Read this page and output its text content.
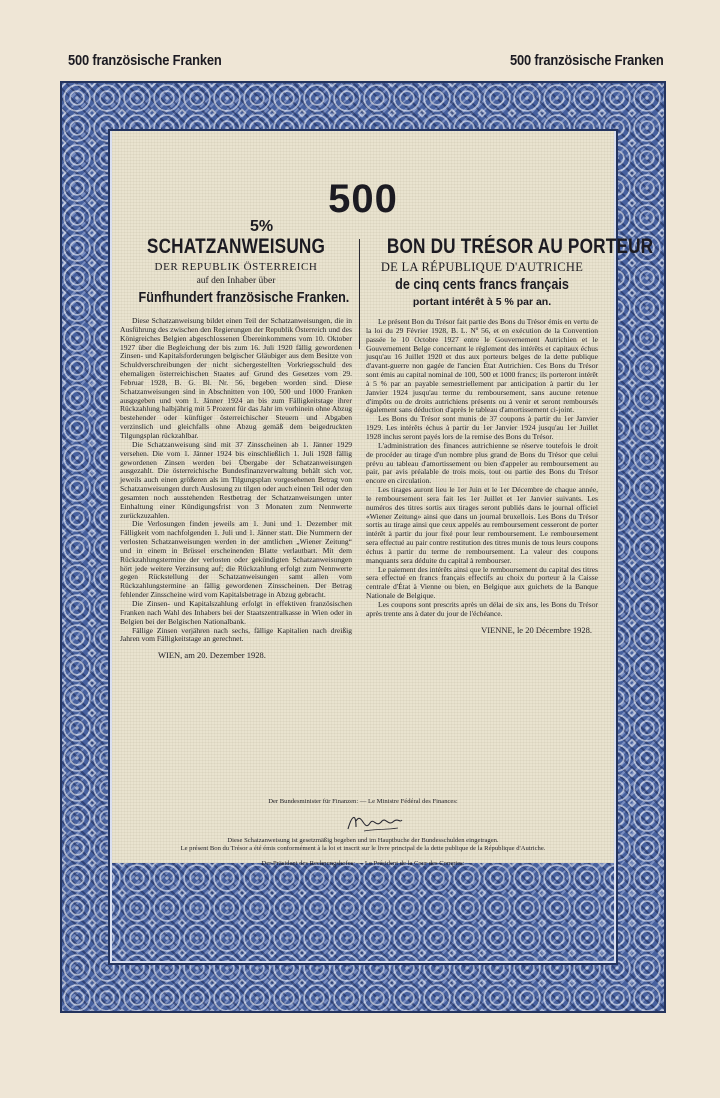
500 französische Franken	500 französische Franken
500
5%
SCHATZANWEISUNG
DER REPUBLIK ÖSTERREICH
auf den Inhaber über
Fünfhundert französische Franken.

Diese Schatzanweisung bildet einen Teil der Schatzanweisungen, die in Ausführung des zwischen den Regierungen der Republik Österreich und des Königreiches Belgien abgeschlossenen Übereinkommens vom 10. Oktober 1927 über die Begleichung der bis zum 16. Juli 1920 fällig gewordenen Zinsen- und Kapitalsforderungen belgischer Gläubiger aus dem Besitze von Schuldverschreibungen der nicht sichergestellten Vorkriegsschuld des ehemaligen österreichischen Staates auf Grund des Gesetzes vom 29. Februar 1928, B. G. Bl. Nr. 56, begeben worden sind. Diese Schatzanweisungen sind in Abschnitten von 100, 500 und 1000 Franken ausgegeben und vom 1. Jänner 1924 an bis zum Fälligkeitstage ihrer Rückzahlung halbjährig mit 5 Prozent für das Jahr im vorhinein ohne Abzug bestehender oder künftiger österreichischer Steuern und Abgaben verzinslich und gleichfalls ohne Abzug gemäß dem beigedruckten Tilgungsplan rückzahlbar.

Die Schatzanweisung sind mit 37 Zinsscheinen ab 1. Jänner 1929 versehen. Die vom 1. Jänner 1924 bis einschließlich 1. Juli 1928 fällig gewordenen Zinsen werden bei Übergabe der Schatzanweisungen ausgezahlt. Die österreichische Bundesfinanzverwaltung behält sich vor, jeweils auch einen größeren als im Tilgungsplan vorgesehenen Betrag von Schatzanweisungen durch Auslosung zu tilgen oder auch einen Teil oder den gesamten noch ausstehenden Restbetrag der Schatzanweisungen unter Einhaltung einer Kündigungsfrist von 3 Monaten zum Nennwerte zurückzuzahlen.

Die Verlosungen finden jeweils am 1. Juni und 1. Dezember mit Fälligkeit vom nachfolgenden 1. Juli und 1. Jänner statt. Die Nummern der verlosten Schatzanweisungen werden in der amtlichen „Wiener Zeitung“ und in einem in Brüssel erscheinenden Blatte verlautbart. Mit dem Rückzahlungstermine der verlosten oder gekündigten Schatzanweisungen hört jede weitere Verzinsung auf; die Rückzahlung erfolgt zum Nennwerte gegen Rückstellung der Schatzanweisungen samt allen vom Rückzahlungstermine an fällig gewordenen Zinsscheinen. Der Betrag fehlender Zinsscheine wird vom Kapitalsbetrage in Abzug gebracht.

Die Zinsen- und Kapitalszahlung erfolgt in effektiven französischen Franken nach Wahl des Inhabers bei der Staatszentralkasse in Wien oder in Belgien bei der Belgischen Nationalbank.

Fällige Zinsen verjähren nach sechs, fällige Kapitalien nach dreißig Jahren vom Fälligkeitstage an gerechnet.

WIEN, am 20. Dezember 1928.
BON DU TRÉSOR AU PORTEUR
DE LA RÉPUBLIQUE D'AUTRICHE
de cinq cents francs français
portant intérêt à 5 % par an.

Le présent Bon du Trésor fait partie des Bons du Trésor émis en vertu de la loi du 29 Février 1928, B. L. Nº 56, et en exécution de la Convention passée le 10 Octobre 1927 entre le Gouvernement Autrichien et le Gouvernement Belge concernant le règlement des intérêts et capitaux échus jusqu'au 16 Juillet 1920 et dus aux porteurs belges de la dette publique d'avant-guerre non gagée de l'ancien État Autrichien. Ces Bons du Trésor sont émis au capital nominal de 100, 500 et 1000 francs; ils porteront intérêt à 5 % par an payable semestriellement par anticipation à partir du 1er Janvier 1924 jusqu'au terme du remboursement, sans aucune retenue d'impôts ou de droits autrichiens présents ou à venir et seront remboursés également sans déduction d'après le tableau d'amortissement ci-joint.

Les Bons du Trésor sont munis de 37 coupons à partir du 1er Janvier 1929. Les intérêts échus à partir du 1er Janvier 1924 jusqu'au 1er Juillet 1928 inclus seront payés lors de la remise des Bons du Trésor.

L'administration des finances autrichienne se réserve toutefois le droit de procéder au tirage d'un nombre plus grand de Bons du Trésor que celui prévu au tableau d'amortissement ou bien d'appeler au remboursement au pair, par avis préalable de trois mois, tout ou partie des Bons du Trésor encore en circulation.

Les tirages auront lieu le 1er Juin et le 1er Décembre de chaque année, le remboursement sera fait les 1er Juillet et 1er Janvier suivants. Les numéros des titres sortis aux tirages seront publiés dans le journal officiel «Wiener Zeitung» ainsi que dans un journal bruxellois. Les Bons du Trésor sortis au tirage ainsi que ceux appelés au remboursement cesseront de porter intérêt à partir du jour fixé pour leur remboursement. Le remboursement sera effectué au pair contre restitution des titres munis de tous leurs coupons échus à partir du terme de remboursement. La valeur des coupons manquants sera déduite du capital à rembourser.

Le paiement des intérêts ainsi que le remboursement du capital des titres sera effectué en francs français effectifs au choix du porteur à la Caisse centrale d'État à Vienne ou bien, en Belgique aux guichets de la Banque Nationale de Belgique.

Les coupons sont prescrits après un délai de six ans, les Bons du Trésor après trente ans à dater du jour de l'échéance.

VIENNE, le 20 Décembre 1928.
Der Bundesminister für Finanzen: — Le Ministre Fédéral des Finances:
Diese Schatzanweisung ist gesetzmäßig begeben und im Hauptbuche der Bundesschulden eingetragen.
Le présent Bon du Trésor a été émis conformément à la loi et inscrit sur le livre principal de la dette publique de la République d'Autriche.
Der Präsident des Rechnungshofes: — Le Président de la Cour des Comptes:
